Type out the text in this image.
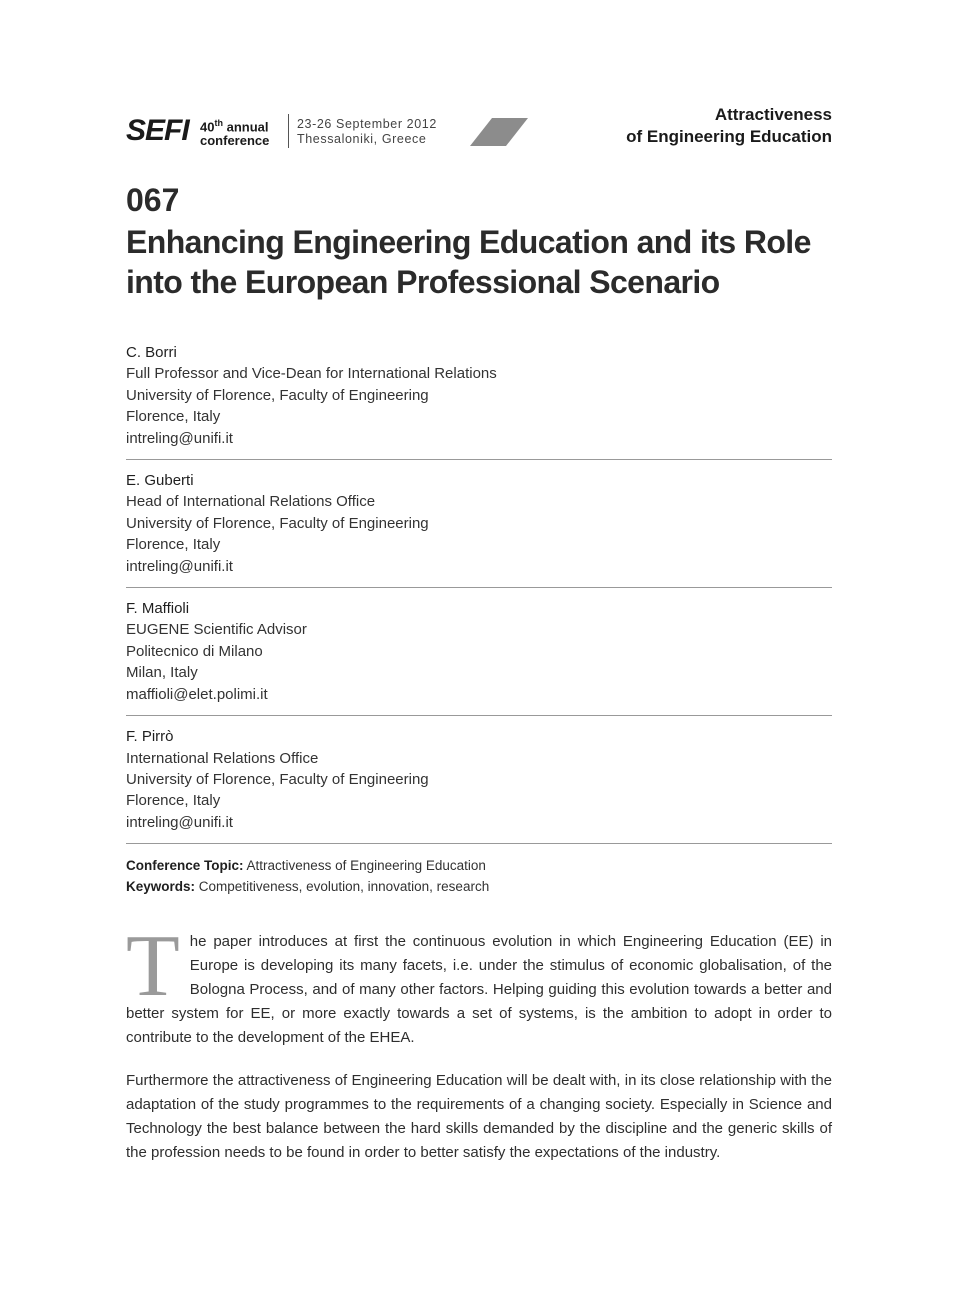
SEFI 40th annual
conference
23-26 September 2012
Thessaloniki, Greece
Attractiveness
of Engineering Education
067
Enhancing Engineering Education and its Role
into the European Professional Scenario
C. Borri
Full Professor and Vice-Dean for International Relations
University of Florence, Faculty of Engineering
Florence, Italy
intreling@unifi.it
E. Guberti
Head of International Relations Office
University of Florence, Faculty of Engineering
Florence, Italy
intreling@unifi.it
F. Maffioli
EUGENE Scientific Advisor
Politecnico di Milano
Milan, Italy
maffioli@elet.polimi.it
F. Pirrò
International Relations Office
University of Florence, Faculty of Engineering
Florence, Italy
intreling@unifi.it
Conference Topic: Attractiveness of Engineering Education
Keywords: Competitiveness, evolution, innovation, research
The paper introduces at first the continuous evolution in which Engineering Education (EE) in Europe is developing its many facets, i.e. under the stimulus of economic globalisation, of the Bologna Process, and of many other factors. Helping guiding this evolution towards a better and better system for EE, or more exactly towards a set of systems, is the ambition to adopt in order to contribute to the development of the EHEA.
Furthermore the attractiveness of Engineering Education will be dealt with, in its close relationship with the adaptation of the study programmes to the requirements of a changing society. Especially in Science and Technology the best balance between the hard skills demanded by the discipline and the generic skills of the profession needs to be found in order to better satisfy the expectations of the industry.
